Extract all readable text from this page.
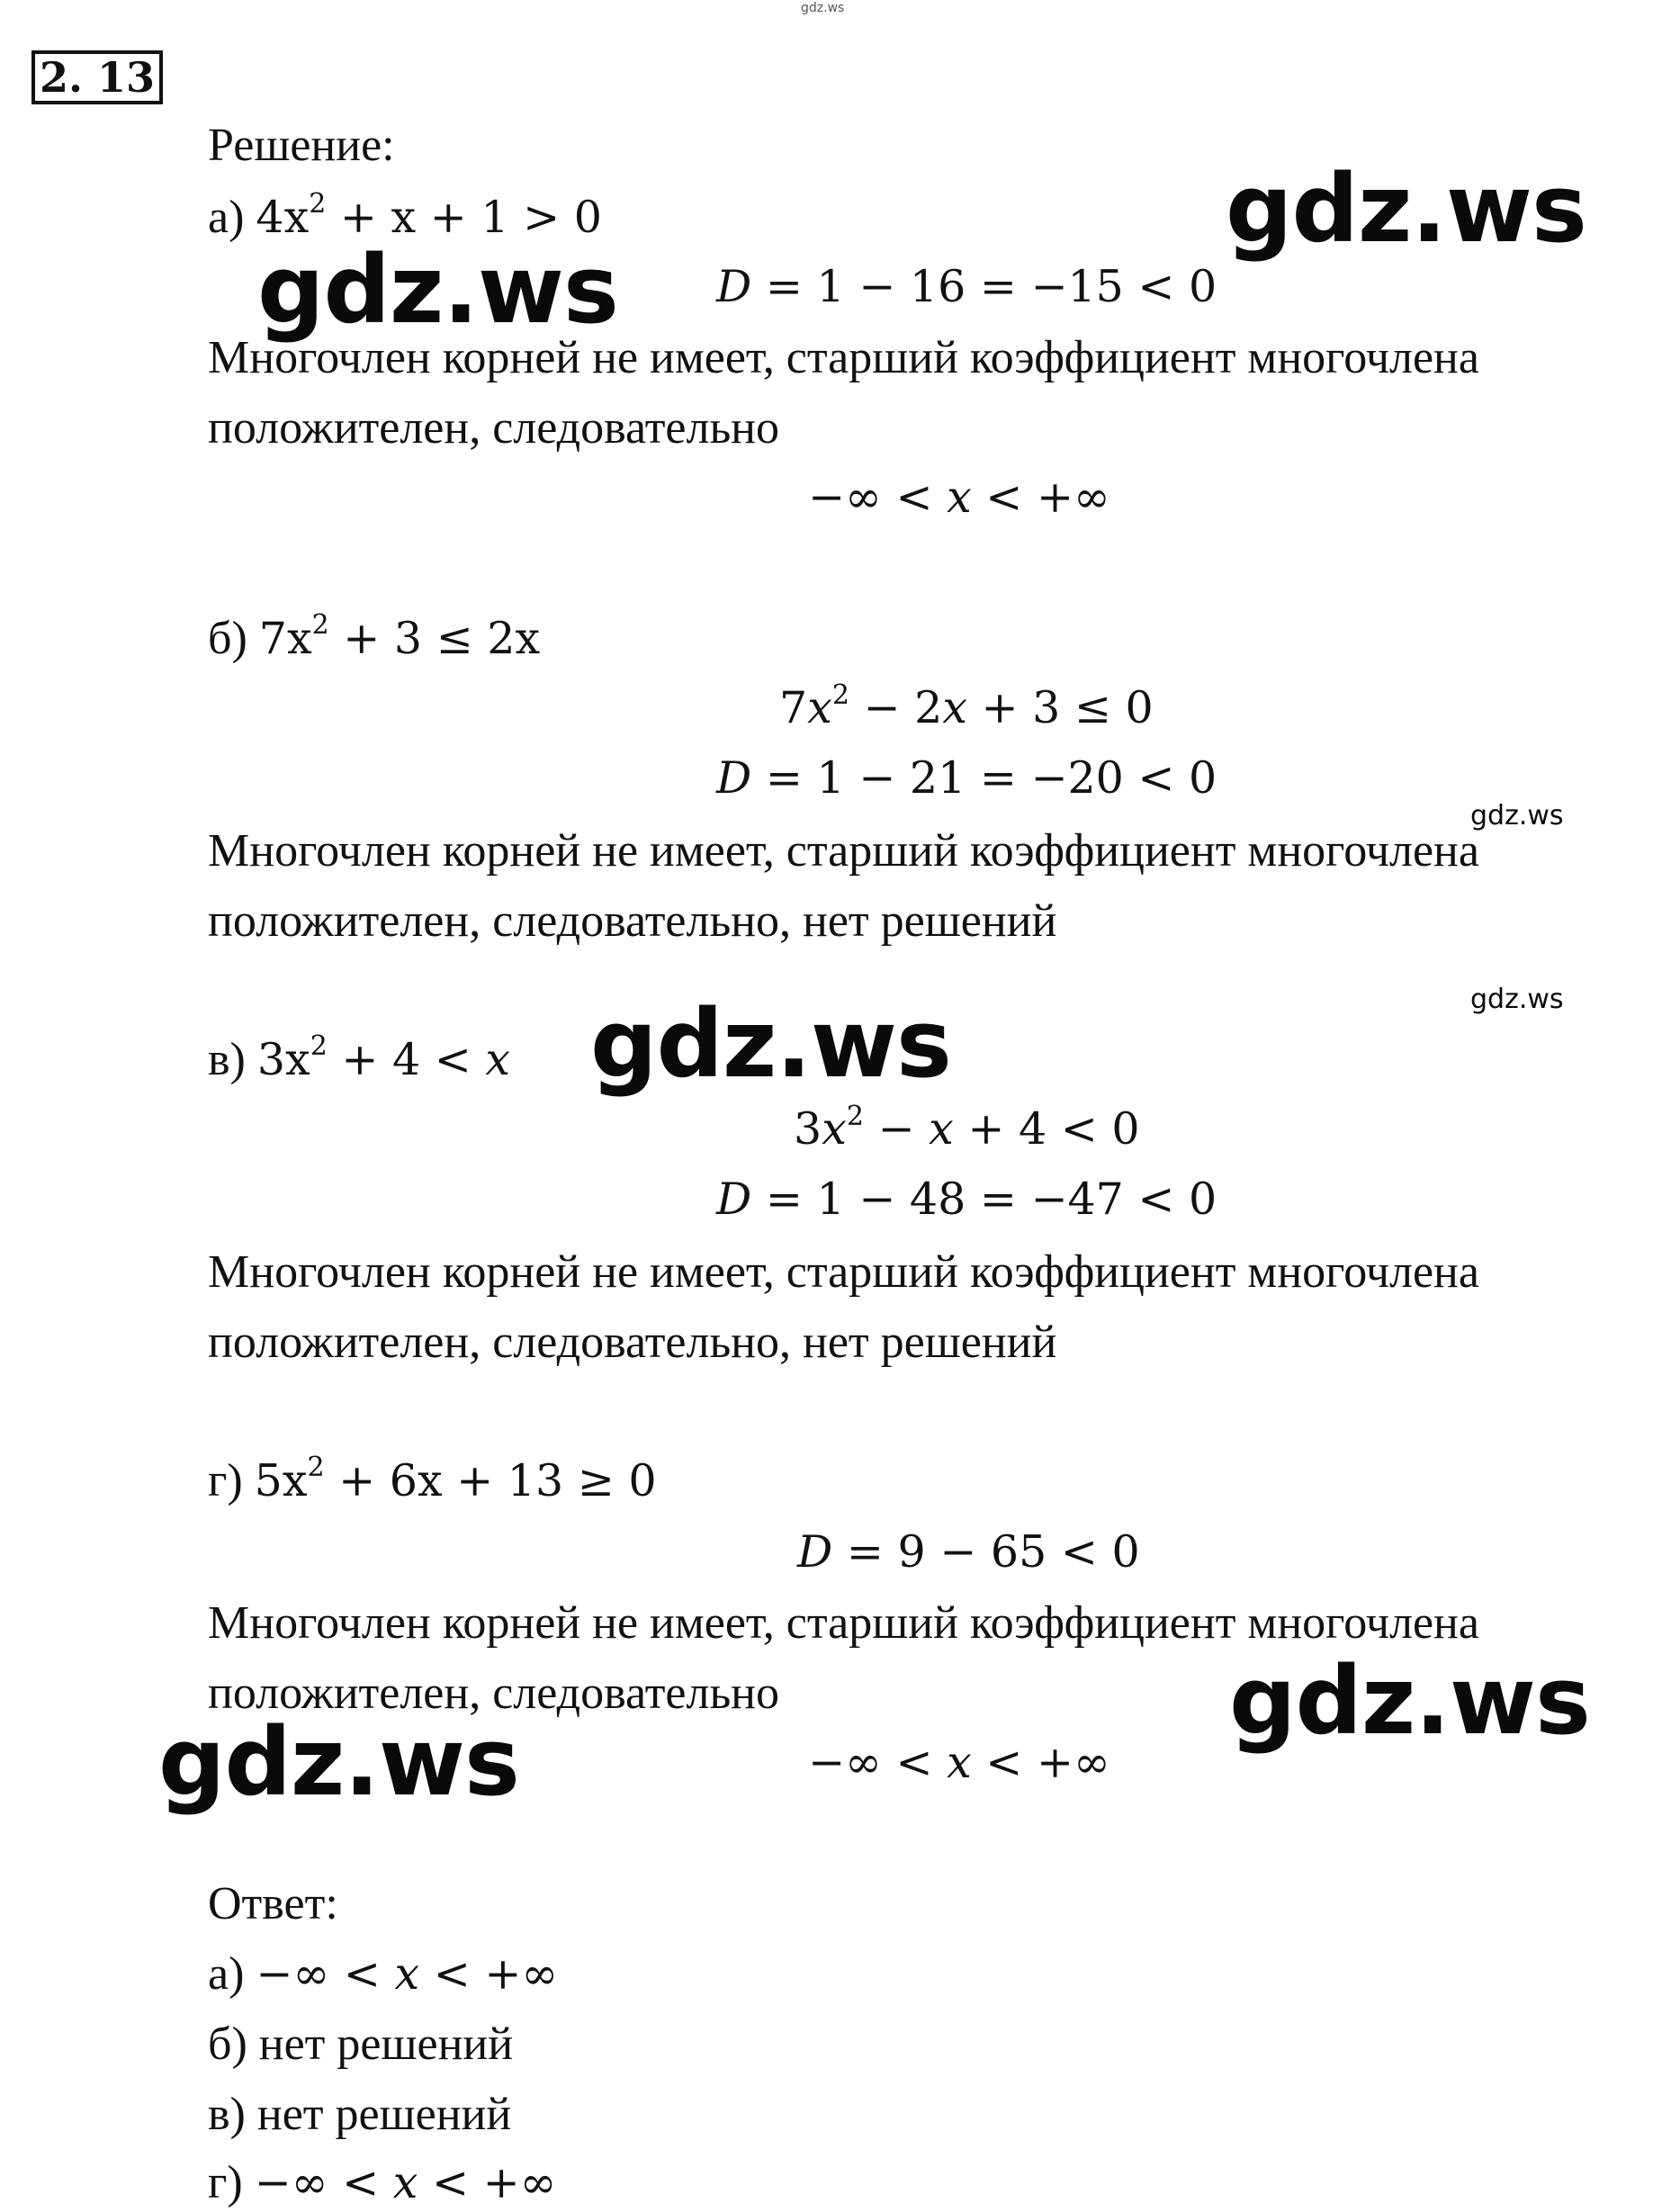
gdz.ws
2. 13
Решение:
а) $4x^2 + x + 1 > 0$
D = 1 − 16 = −15 < 0
Многочлен корней не имеет, старший коэффициент многочлена
положителен, следовательно
−∞ < x < +∞
б) $7x^2 + 3 \le 2x$
$7x^2 - 2x + 3 \le 0$
D = 1 − 21 = −20 < 0
Многочлен корней не имеет, старший коэффициент многочлена
положителен, следовательно, нет решений
в) $3x^2 + 4 < x$
$3x^2 - x + 4 < 0$
D = 1 − 48 = −47 < 0
Многочлен корней не имеет, старший коэффициент многочлена
положителен, следовательно, нет решений
г) $5x^2 + 6x + 13 \ge 0$
D = 9 − 65 < 0
Многочлен корней не имеет, старший коэффициент многочлена
положителен, следовательно
−∞ < x < +∞
Ответ:
а) −∞ < x < +∞
б) нет решений
в) нет решений
г) −∞ < x < +∞
gdz.ws
gdz.ws
gdz.ws
gdz.ws
gdz.ws
gdz.ws
gdz.ws
